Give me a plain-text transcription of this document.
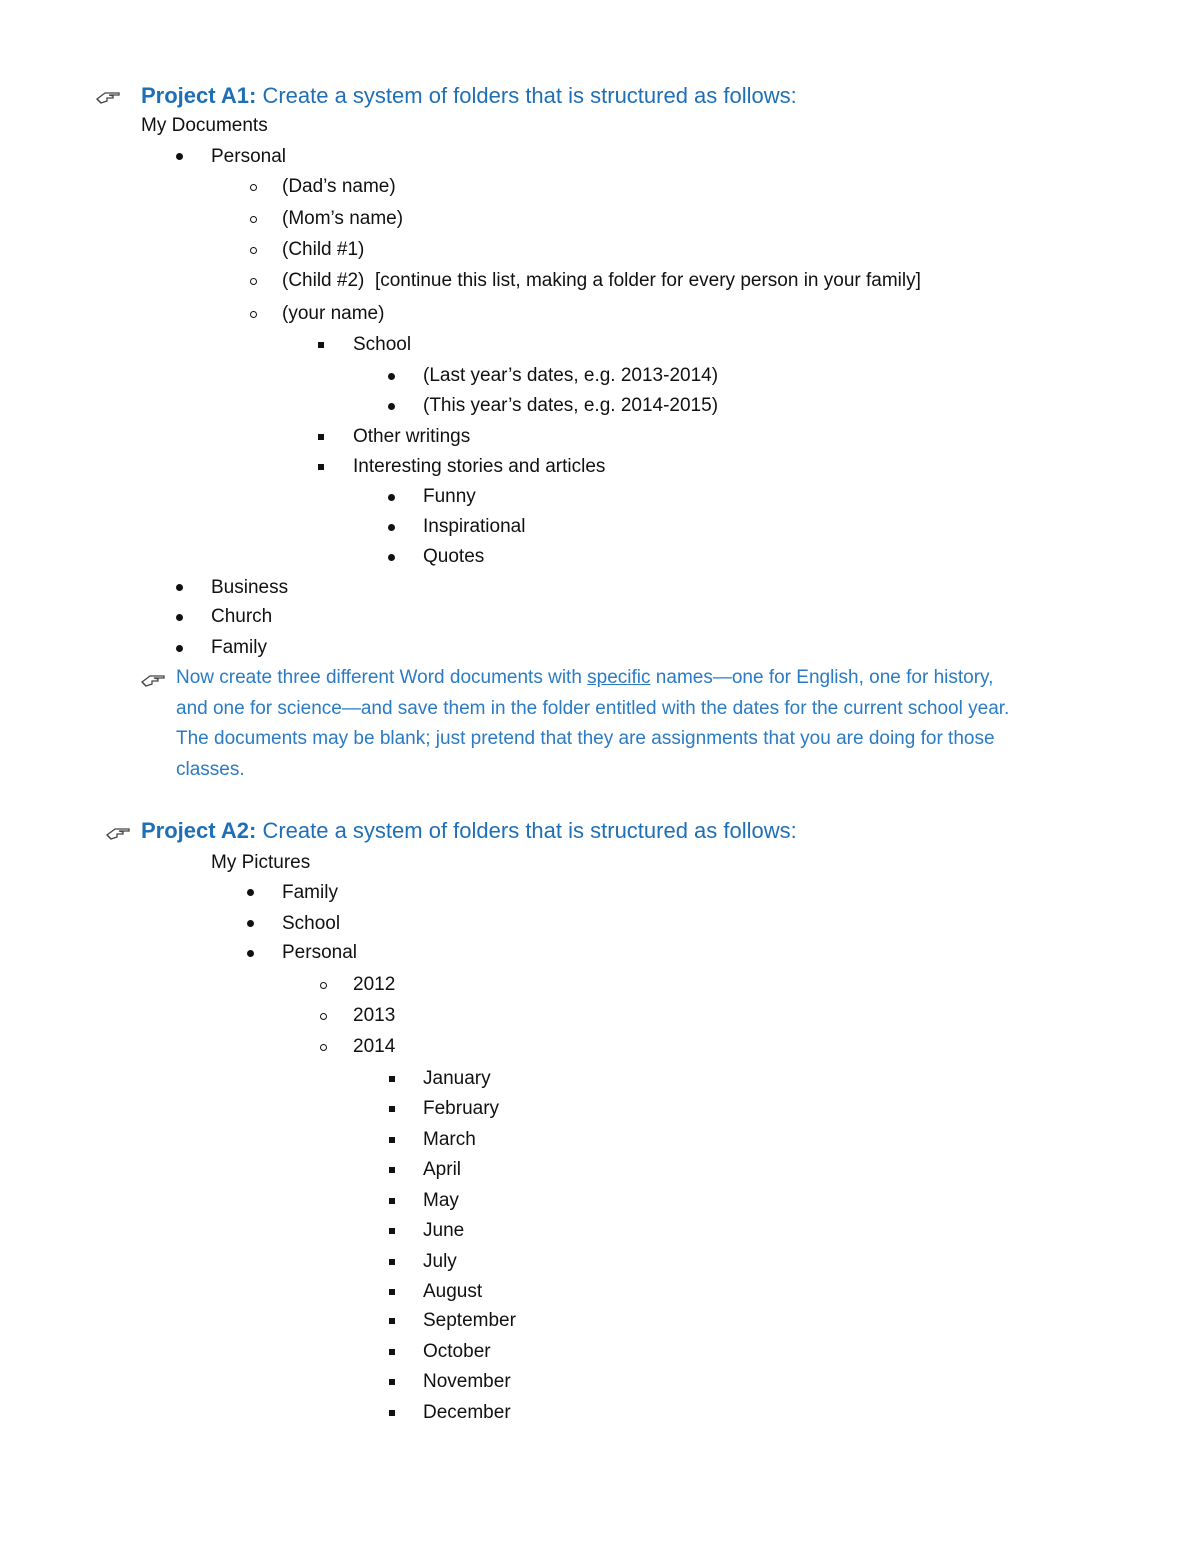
Project A1: Create a system of folders that is structured as follows:
My Documents
Personal
(Dad’s name)
(Mom’s name)
(Child #1)
(Child #2) [continue this list, making a folder for every person in your family]
(your name)
School
(Last year’s dates, e.g. 2013-2014)
(This year’s dates, e.g. 2014-2015)
Other writings
Interesting stories and articles
Funny
Inspirational
Quotes
Business
Church
Family
Now create three different Word documents with specific names—one for English, one for history,
and one for science—and save them in the folder entitled with the dates for the current school year.
The documents may be blank; just pretend that they are assignments that you are doing for those
classes.
Project A2: Create a system of folders that is structured as follows:
My Pictures
Family
School
Personal
2012
2013
2014
January
February
March
April
May
June
July
August
September
October
November
December
